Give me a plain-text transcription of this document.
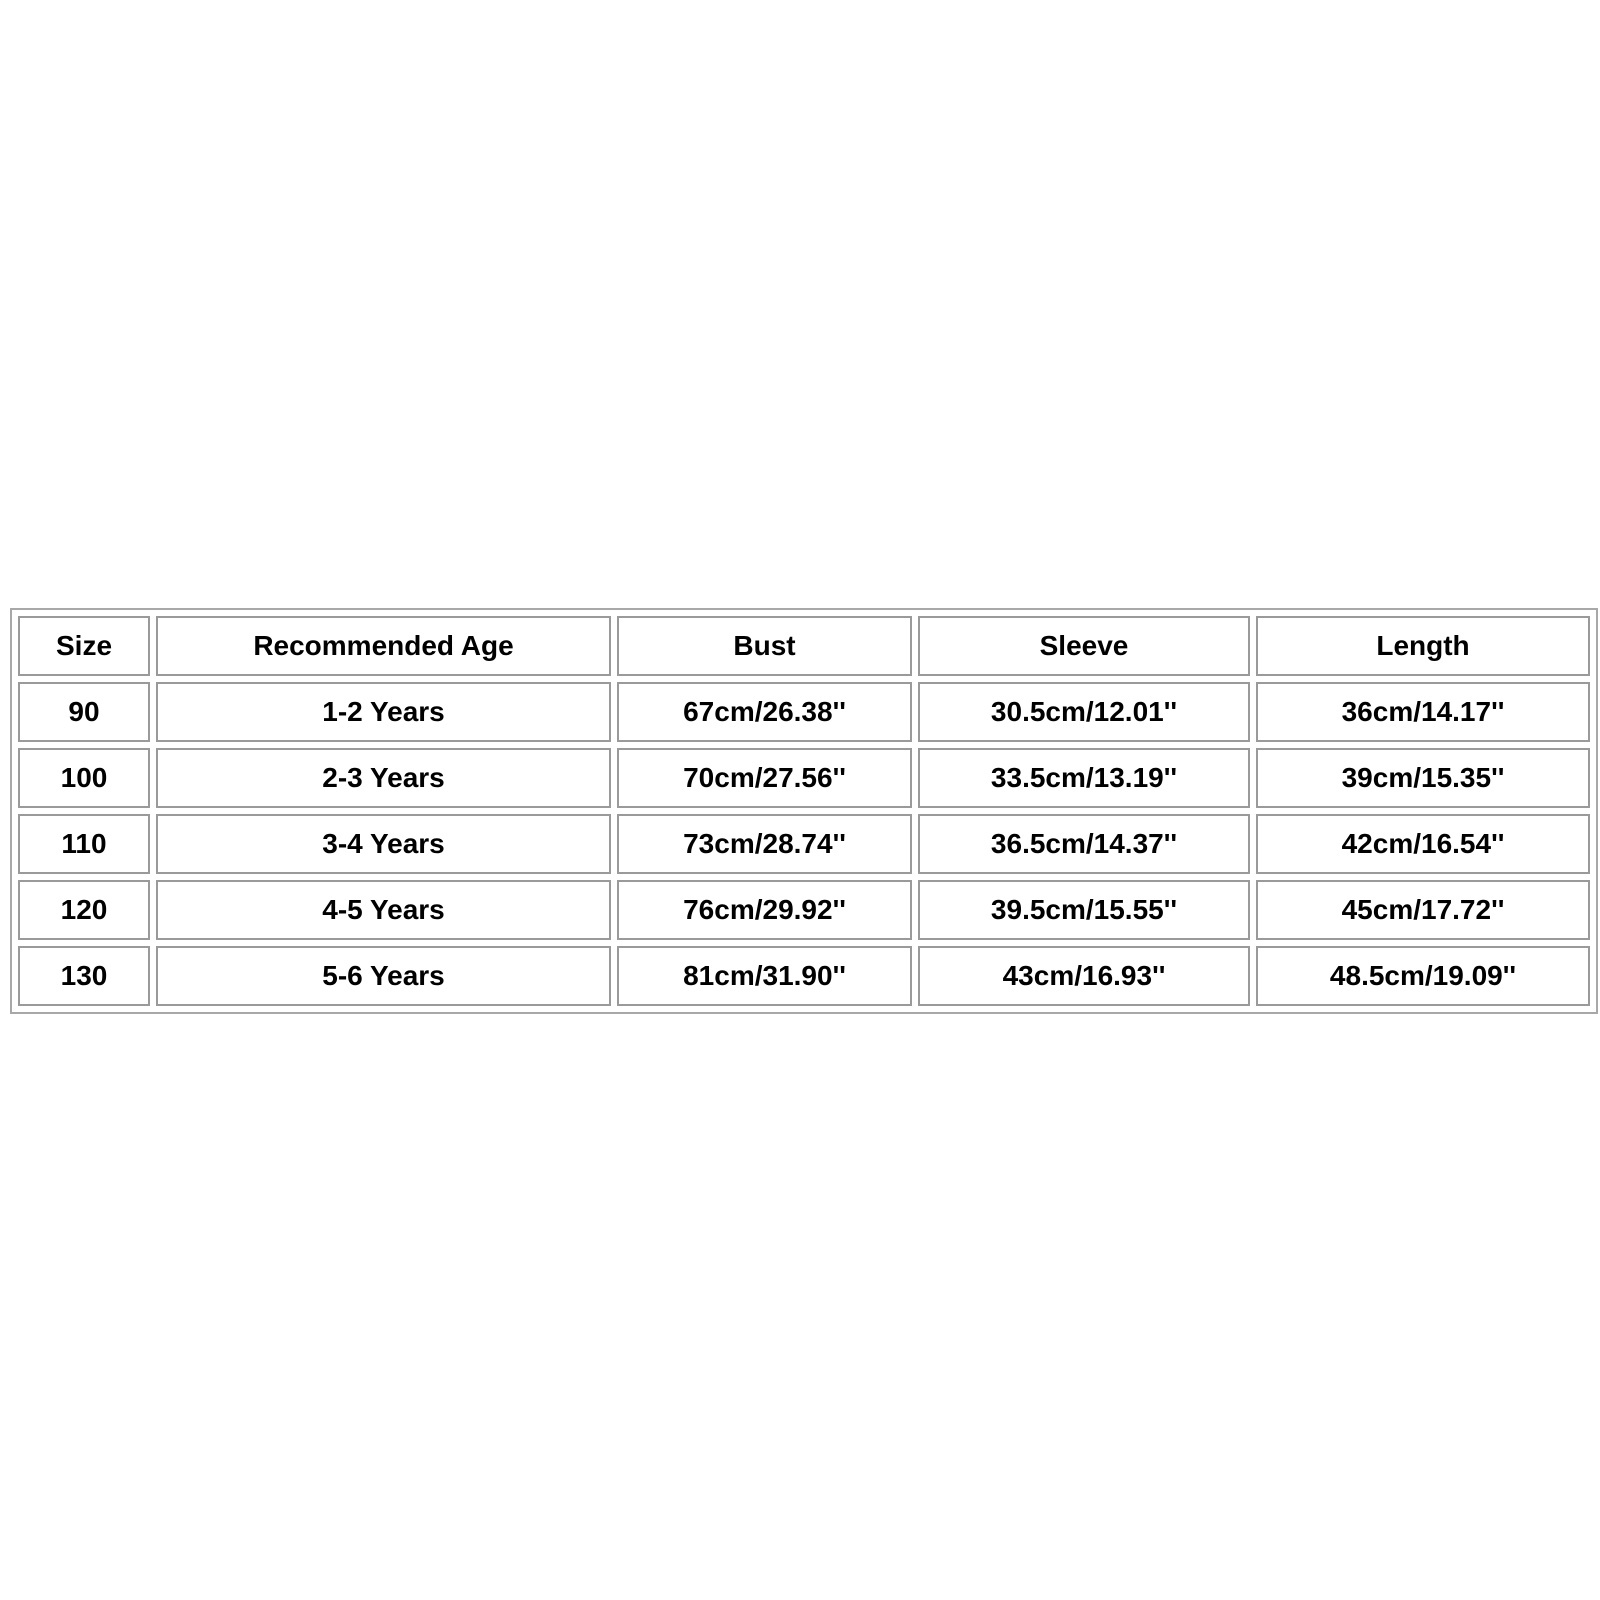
Size	Recommended Age	Bust	Sleeve	Length
90	1-2 Years	67cm/26.38''	30.5cm/12.01''	36cm/14.17''
100	2-3 Years	70cm/27.56''	33.5cm/13.19''	39cm/15.35''
110	3-4 Years	73cm/28.74''	36.5cm/14.37''	42cm/16.54''
120	4-5 Years	76cm/29.92''	39.5cm/15.55''	45cm/17.72''
130	5-6 Years	81cm/31.90''	43cm/16.93''	48.5cm/19.09''
